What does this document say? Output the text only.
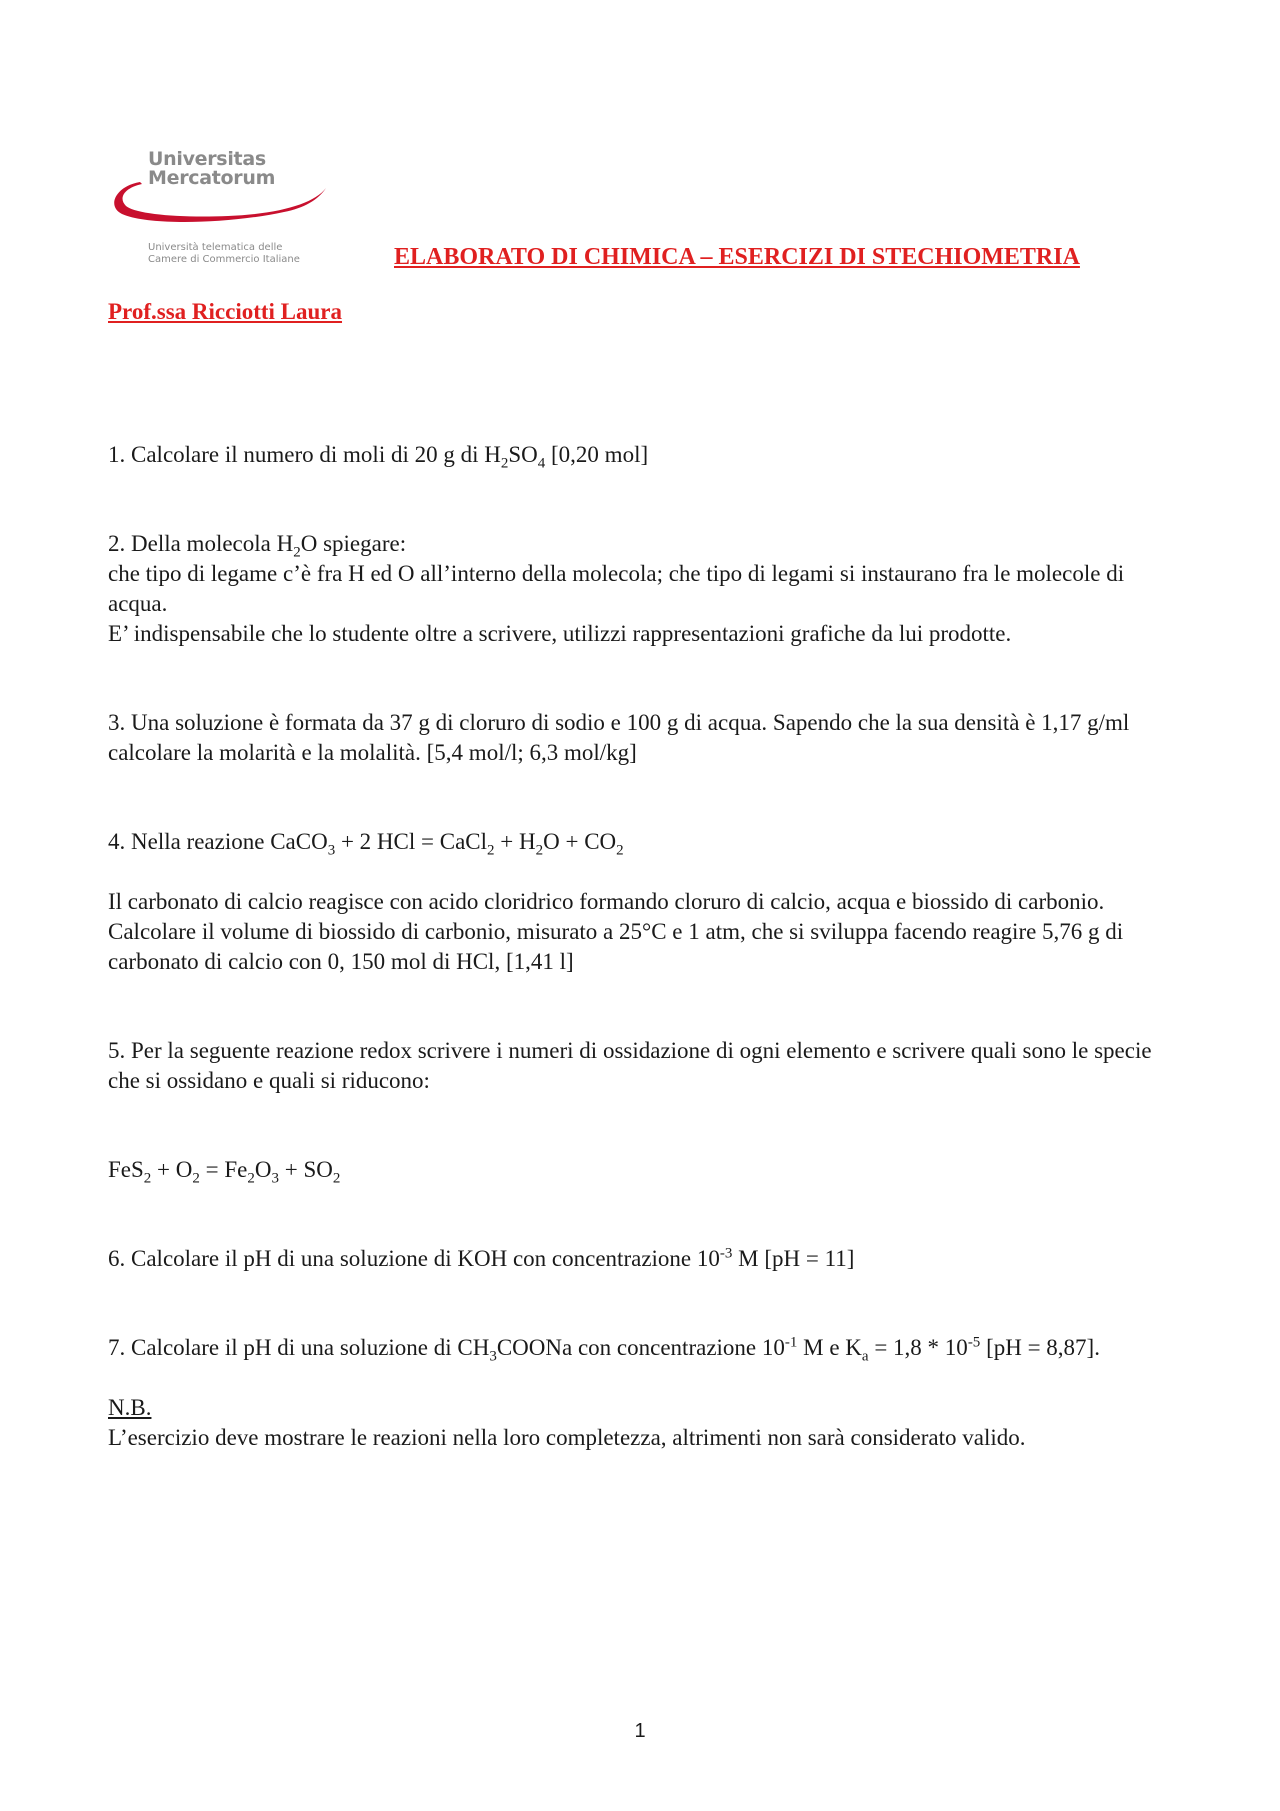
Universitas
Mercatorum
Università telematica delle
Camere di Commercio Italiane	ELABORATO DI CHIMICA – ESERCIZI DI STECHIOMETRIA
Prof.ssa Ricciotti Laura

1. Calcolare il numero di moli di 20 g di $H_2SO_4$ [0,20 mol]

2. Della molecola $H_2O$ spiegare:

che tipo di legame c’è fra H ed O all’interno della molecola; che tipo di legami si instaurano fra le molecole di acqua.

E’ indispensabile che lo studente oltre a scrivere, utilizzi rappresentazioni grafiche da lui prodotte.

3. Una soluzione è formata da 37 g di cloruro di sodio e 100 g di acqua. Sapendo che la sua densità è 1,17 g/ml calcolare la molarità e la molalità. [5,4 mol/l; 6,3 mol/kg]

4. Nella reazione CaCO$_3$ + 2 HCl = CaCl$_2$ + $H_2O + CO_2$

Il carbonato di calcio reagisce con acido cloridrico formando cloruro di calcio, acqua e biossido di carbonio. Calcolare il volume di biossido di carbonio, misurato a 25°C e 1 atm, che si sviluppa facendo reagire 5,76 g di carbonato di calcio con 0, 150 mol di HCl, [1,41 l]

5. Per la seguente reazione redox scrivere i numeri di ossidazione di ogni elemento e scrivere quali sono le specie che si ossidano e quali si riducono:

$FeS_2 + O_2 = Fe_2O_3 + SO_2$

6. Calcolare il pH di una soluzione di KOH con concentrazione $10^{-3}$ M [pH = 11]

7. Calcolare il pH di una soluzione di $CH_3COONa$ con concentrazione $10^{-1}$ M e $K_a = 1,8 * 10^{-5}$ [pH = 8,87].

N.B.

L’esercizio deve mostrare le reazioni nella loro completezza, altrimenti non sarà considerato valido.

1
